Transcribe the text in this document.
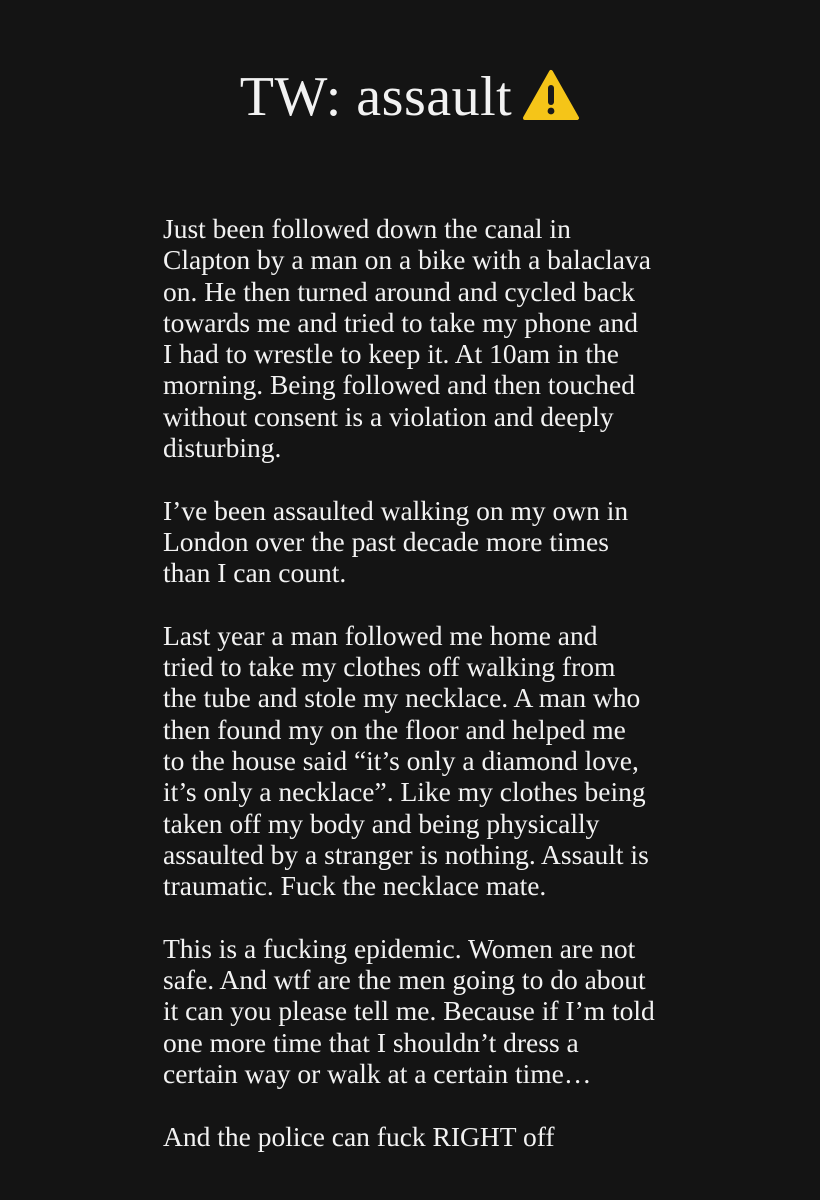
TW: assault

Just been followed down the canal in
Clapton by a man on a bike with a balaclava
on. He then turned around and cycled back
towards me and tried to take my phone and
I had to wrestle to keep it. At 10am in the
morning. Being followed and then touched
without consent is a violation and deeply
disturbing.

I’ve been assaulted walking on my own in
London over the past decade more times
than I can count.

Last year a man followed me home and
tried to take my clothes off walking from
the tube and stole my necklace. A man who
then found my on the floor and helped me
to the house said “it’s only a diamond love,
it’s only a necklace”. Like my clothes being
taken off my body and being physically
assaulted by a stranger is nothing. Assault is
traumatic. Fuck the necklace mate.

This is a fucking epidemic. Women are not
safe. And wtf are the men going to do about
it can you please tell me. Because if I’m told
one more time that I shouldn’t dress a
certain way or walk at a certain time…

And the police can fuck RIGHT off
